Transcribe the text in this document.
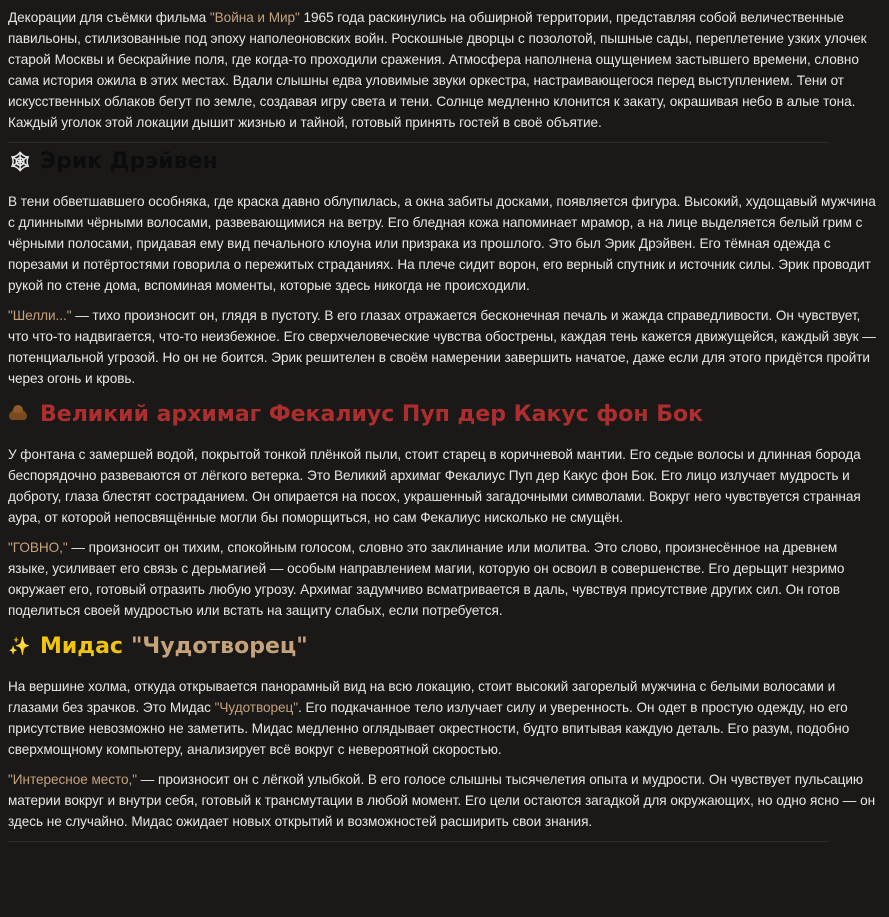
Декорации для съёмки фильма "Война и Мир" 1965 года раскинулись на обширной территории, представляя собой величественные павильоны, стилизованные под эпоху наполеоновских войн. Роскошные дворцы с позолотой, пышные сады, переплетение узких улочек старой Москвы и бескрайние поля, где когда-то проходили сражения. Атмосфера наполнена ощущением застывшего времени, словно сама история ожила в этих местах. Вдали слышны едва уловимые звуки оркестра, настраивающегося перед выступлением. Тени от искусственных облаков бегут по земле, создавая игру света и тени. Солнце медленно клонится к закату, окрашивая небо в алые тона. Каждый уголок этой локации дышит жизнью и тайной, готовый принять гостей в своё объятие.

🕸 Эрик Дрэйвен

В тени обветшавшего особняка, где краска давно облупилась, а окна забиты досками, появляется фигура. Высокий, худощавый мужчина с длинными чёрными волосами, развевающимися на ветру. Его бледная кожа напоминает мрамор, а на лице выделяется белый грим с чёрными полосами, придавая ему вид печального клоуна или призрака из прошлого. Это был Эрик Дрэйвен. Его тёмная одежда с порезами и потёртостями говорила о пережитых страданиях. На плече сидит ворон, его верный спутник и источник силы. Эрик проводит рукой по стене дома, вспоминая моменты, которые здесь никогда не происходили.

"Шелли..." — тихо произносит он, глядя в пустоту. В его глазах отражается бесконечная печаль и жажда справедливости. Он чувствует, что что-то надвигается, что-то неизбежное. Его сверхчеловеческие чувства обострены, каждая тень кажется движущейся, каждый звук — потенциальной угрозой. Но он не боится. Эрик решителен в своём намерении завершить начатое, даже если для этого придётся пройти через огонь и кровь.

Великий архимаг Фекалиус Пуп дер Какус фон Бок

У фонтана с замершей водой, покрытой тонкой плёнкой пыли, стоит старец в коричневой мантии. Его седые волосы и длинная борода беспорядочно развеваются от лёгкого ветерка. Это Великий архимаг Фекалиус Пуп дер Какус фон Бок. Его лицо излучает мудрость и доброту, глаза блестят состраданием. Он опирается на посох, украшенный загадочными символами. Вокруг него чувствуется странная аура, от которой непосвящённые могли бы поморщиться, но сам Фекалиус нисколько не смущён.

"ГОВНО," — произносит он тихим, спокойным голосом, словно это заклинание или молитва. Это слово, произнесённое на древнем языке, усиливает его связь с дерьмагией — особым направлением магии, которую он освоил в совершенстве. Его дерьщит незримо окружает его, готовый отразить любую угрозу. Архимаг задумчиво всматривается в даль, чувствуя присутствие других сил. Он готов поделиться своей мудростью или встать на защиту слабых, если потребуется.

✨ Мидас "Чудотворец"

На вершине холма, откуда открывается панорамный вид на всю локацию, стоит высокий загорелый мужчина с белыми волосами и глазами без зрачков. Это Мидас "Чудотворец". Его подкачанное тело излучает силу и уверенность. Он одет в простую одежду, но его присутствие невозможно не заметить. Мидас медленно оглядывает окрестности, будто впитывая каждую деталь. Его разум, подобно сверхмощному компьютеру, анализирует всё вокруг с невероятной скоростью.

"Интересное место," — произносит он с лёгкой улыбкой. В его голосе слышны тысячелетия опыта и мудрости. Он чувствует пульсацию материи вокруг и внутри себя, готовый к трансмутации в любой момент. Его цели остаются загадкой для окружающих, но одно ясно — он здесь не случайно. Мидас ожидает новых открытий и возможностей расширить свои знания.
